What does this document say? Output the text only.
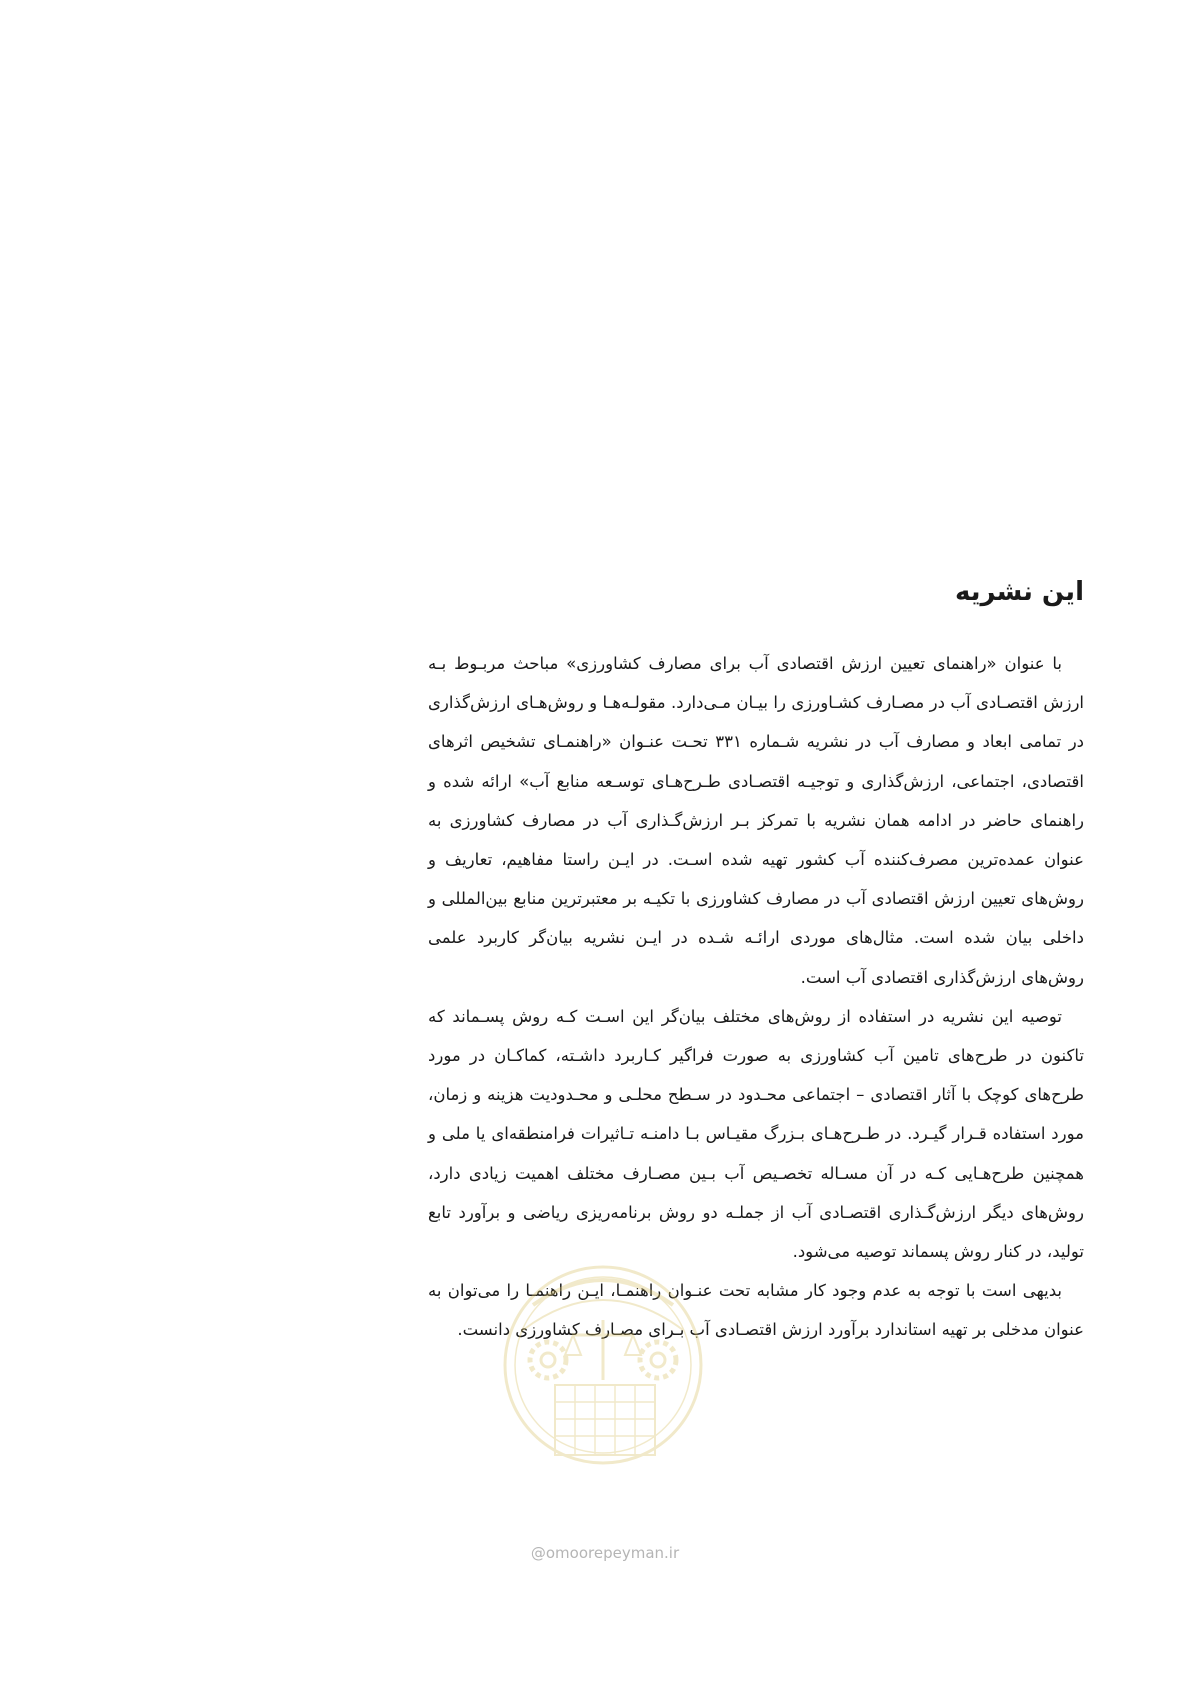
این نشریه

با عنوان «راهنمای تعیین ارزش اقتصادی آب برای مصارف کشاورزی» مباحث مربـوط بـه ارزش اقتصـادی آب در مصـارف کشـاورزی را بیـان مـی‌دارد. مقولـه‌هـا و روش‌هـای ارزش‌گذاری در تمامی ابعاد و مصارف آب در نشریه شـماره ۳۳۱ تحـت عنـوان «راهنمـای تشخیص اثرهای اقتصادی، اجتماعی، ارزش‌گذاری و توجیـه اقتصـادی طـرح‌هـای توسـعه منابع آب» ارائه شده و راهنمای حاضر در ادامه همان نشریه با تمرکز بـر ارزش‌گـذاری آب در مصارف کشاورزی به عنوان عمده‌ترین مصرف‌کننده آب کشور تهیه شده اسـت. در ایـن راستا مفاهیم، تعاریف و روش‌های تعیین ارزش اقتصادی آب در مصارف کشاورزی با تکیـه بر معتبرترین منابع بین‌المللی و داخلی بیان شده است. مثال‌های موردی ارائـه شـده در ایـن نشریه بیان‌گر کاربرد علمی روش‌های ارزش‌گذاری اقتصادی آب است.

توصیه این نشریه در استفاده از روش‌های مختلف بیان‌گر این اسـت کـه روش پسـماند که تاکنون در طرح‌های تامین آب کشاورزی به صورت فراگیر کـاربرد داشـته، کماکـان در مورد طرح‌های کوچک با آثار اقتصادی – اجتماعی محـدود در سـطح محلـی و محـدودیت هزینه و زمان، مورد استفاده قـرار گیـرد. در طـرح‌هـای بـزرگ مقیـاس بـا دامنـه تـاثیرات فرامنطقه‌ای یا ملی و همچنین طرح‌هـایی کـه در آن مسـاله تخصـیص آب بـین مصـارف مختلف اهمیت زیادی دارد، روش‌های دیگر ارزش‌گـذاری اقتصـادی آب از جملـه دو روش برنامه‌ریزی ریاضی و برآورد تابع تولید، در کنار روش پسماند توصیه می‌شود.

بدیهی است با توجه به عدم وجود کار مشابه تحت عنـوان راهنمـا، ایـن راهنمـا را می‌توان به عنوان مدخلی بر تهیه استاندارد برآورد ارزش اقتصـادی آب بـرای مصـارف کشاورزی دانست.

@omoorepeyman.ir
